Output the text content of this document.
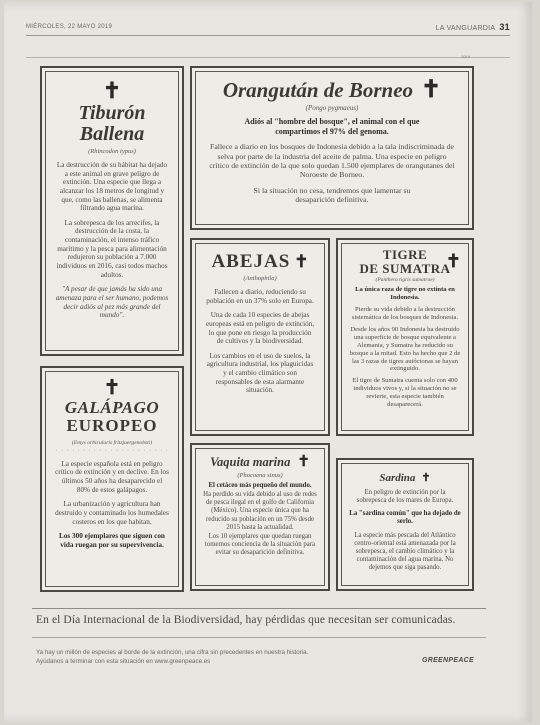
MIÉRCOLES, 22 MAYO 2019	LA VANGUARDIA 31
2019
✝
Tiburón
Ballena
(Rhincodon typus)
La destrucción de su hábitat ha dejado a este animal en grave peligro de extinción. Una especie que llega a alcanzar los 18 metros de longitud y que, como las ballenas, se alimenta filtrando agua marina.
La sobrepesca de los arrecifes, la destrucción de la costa, la contaminación, el intenso tráfico marítimo y la pesca para alimentación redujeron su población a 7.000 individuos en 2016, casi todos machos adultos.
"A pesar de que jamás ha sido una amenaza para el ser humano, podemos decir adiós al pez más grande del mundo".
Orangután de Borneo ✝
(Pongo pygmaeus)
Adiós al "hombre del bosque", el animal con el que compartimos el 97% del genoma.
Fallece a diario en los bosques de Indonesia debido a la tala indiscriminada de selva por parte de la industria del aceite de palma. Una especie en peligro crítico de extinción de la que solo quedan 1.500 ejemplares de orangutanes del Noroeste de Borneo.
Si la situación no cesa, tendremos que lamentar su desaparición definitiva.
ABEJAS ✝
(Anthophila)
Fallecen a diario, reduciendo su población en un 37% solo en Europa.
Una de cada 10 especies de abejas europeas está en peligro de extinción, lo que pone en riesgo la producción de cultivos y la biodiversidad.
Los cambios en el uso de suelos, la agricultura industrial, los plaguicidas y el cambio climático son responsables de esta alarmante situación.
TIGRE
DE SUMATRA
✝
(Panthera tigris sumatrae)
La única raza de tigre no extinta en Indonesia.
Pierde su vida debido a la destrucción sistemática de los bosques de Indonesia.
Desde los años 90 Indonesia ha destruido una superficie de bosque equivalente a Alemania, y Sumatra ha reducido su bosque a la mitad. Esto ha hecho que 2 de las 3 razas de tigres autóctonas se hayan extinguido.
El tigre de Sumatra cuenta solo con 400 individuos vivos y, si la situación no se revierte, esta especie también desaparecerá.
✝
GALÁPAGO
EUROPEO
(Emys orbicularis fritzjuergenobsti)
· · · · · · · · · · · · · · · · · · · · ·
La especie española está en peligro crítico de extinción y en declive. En los últimos 50 años ha desaparecido el 80% de estos galápagos.
La urbanización y agricultura han destruido y contaminado los humedales costeros en los que habitan.
Los 300 ejemplares que siguen con vida ruegan por su supervivencia.
Vaquita marina ✝
(Phocoena sinus)
El cetáceo más pequeño del mundo.
Ha perdido su vida debido al uso de redes de pesca ilegal en el golfo de California (México). Una especie única que ha reducido su población en un 75% desde 2015 hasta la actualidad.
Los 10 ejemplares que quedan ruegan tomemos conciencia de la situación para evitar su desaparición definitiva.
Sardina ✝
En peligro de extinción por la sobrepesca de los mares de Europa.
La "sardina común" que ha dejado de serlo.
La especie más pescada del Atlántico centro-oriental está amenazada por la sobrepesca, el cambio climático y la contaminación del agua marina. No dejemos que siga pasando.
En el Día Internacional de la Biodiversidad, hay pérdidas que necesitan ser comunicadas.
Ya hay un millón de especies al borde de la extinción, una cifra sin precedentes en nuestra historia.
Ayúdanos a terminar con esta situación en www.greenpeace.es	GREENPEACE
